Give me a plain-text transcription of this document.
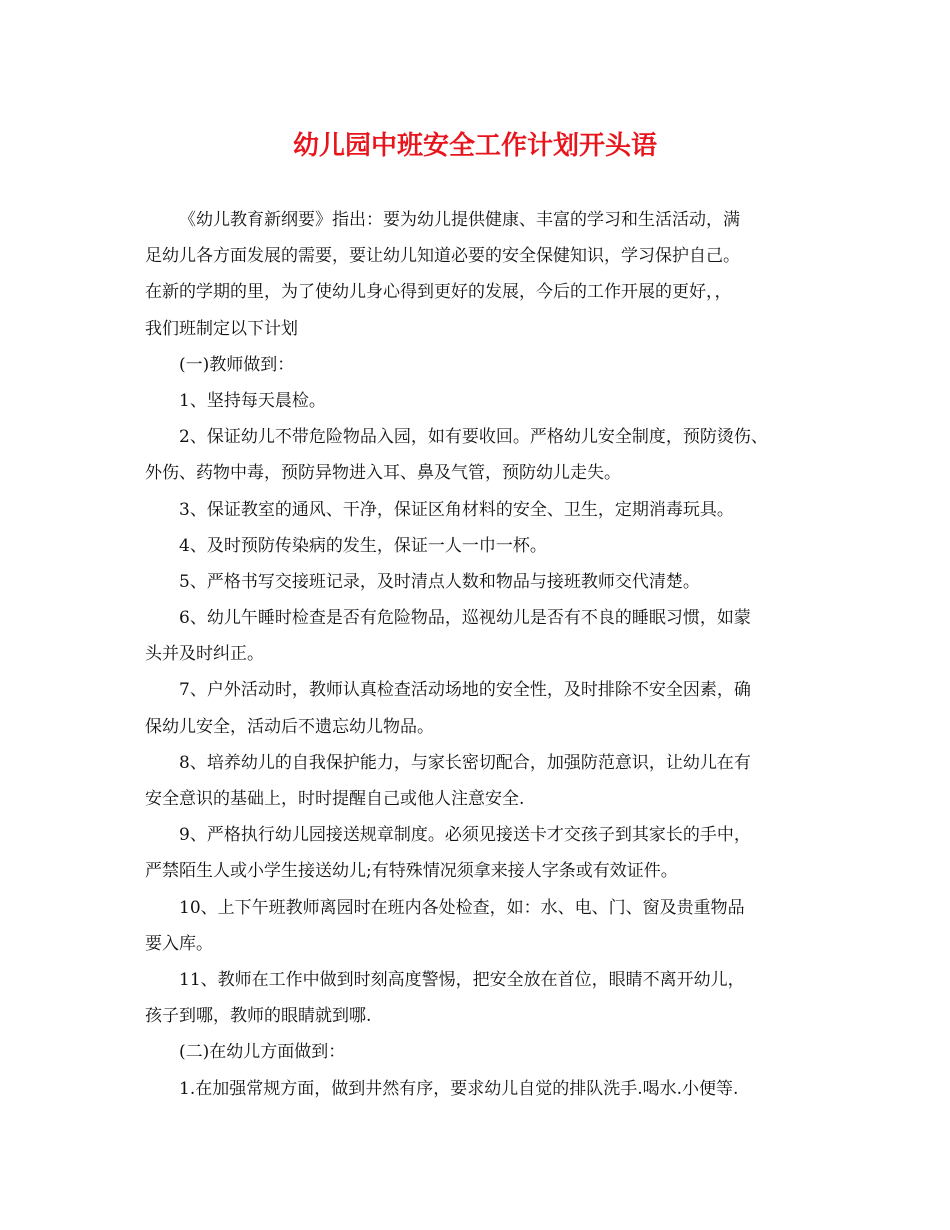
幼儿园中班安全工作计划开头语

《幼儿教育新纲要》指出：要为幼儿提供健康、丰富的学习和生活活动，满

足幼儿各方面发展的需要，要让幼儿知道必要的安全保健知识，学习保护自己。

在新的学期的里，为了使幼儿身心得到更好的发展，今后的工作开展的更好，，

我们班制定以下计划

(一)教师做到：

1、坚持每天晨检。

2、保证幼儿不带危险物品入园，如有要收回。严格幼儿安全制度，预防烫伤、

外伤、药物中毒，预防异物进入耳、鼻及气管，预防幼儿走失。

3、保证教室的通风、干净，保证区角材料的安全、卫生，定期消毒玩具。

4、及时预防传染病的发生，保证一人一巾一杯。

5、严格书写交接班记录，及时清点人数和物品与接班教师交代清楚。

6、幼儿午睡时检查是否有危险物品，巡视幼儿是否有不良的睡眠习惯，如蒙

头并及时纠正。

7、户外活动时，教师认真检查活动场地的安全性，及时排除不安全因素，确

保幼儿安全，活动后不遗忘幼儿物品。

8、培养幼儿的自我保护能力，与家长密切配合，加强防范意识，让幼儿在有

安全意识的基础上，时时提醒自己或他人注意安全.

9、严格执行幼儿园接送规章制度。必须见接送卡才交孩子到其家长的手中，

严禁陌生人或小学生接送幼儿;有特殊情况须拿来接人字条或有效证件。

10、上下午班教师离园时在班内各处检查，如：水、电、门、窗及贵重物品

要入库。

11、教师在工作中做到时刻高度警惕，把安全放在首位，眼睛不离开幼儿，

孩子到哪，教师的眼睛就到哪.

(二)在幼儿方面做到：

1.在加强常规方面，做到井然有序，要求幼儿自觉的排队洗手.喝水.小便等.
